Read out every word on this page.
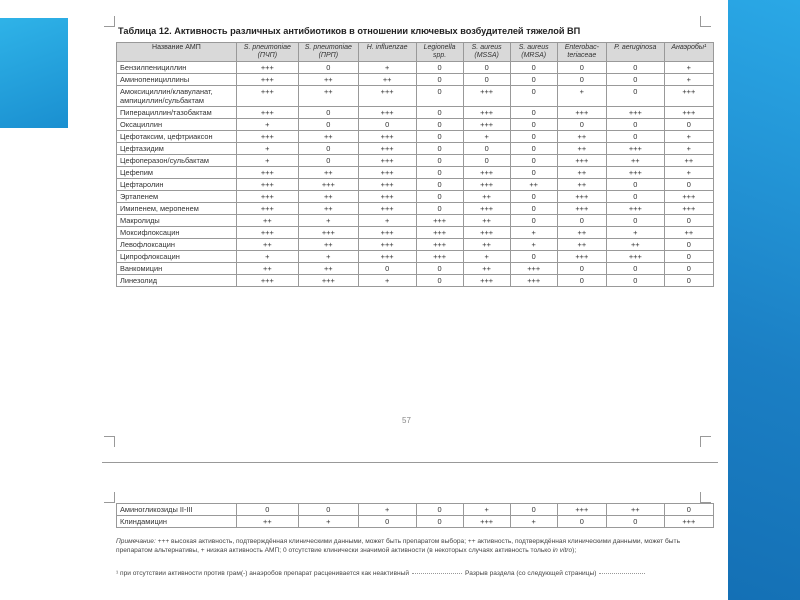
Таблица 12. Активность различных антибиотиков в отношении ключевых возбудителей тяжелой ВП
Название АМП	S. pneumoniae (ПЧП)	S. pneumoniae (ПРП)	H. influenzae	Legionella spp.	S. aureus (MSSA)	S. aureus (MRSA)	Enterobac-teriaceae	P. aeruginosa	Анаэробы¹
Бензилпенициллин	+++	0	+	0	0	0	0	0	+
Аминопенициллины	+++	++	++	0	0	0	0	0	+
Амоксициллин/клавуланат, ампициллин/сульбактам	+++	++	+++	0	+++	0	+	0	+++
Пиперациллин/тазобактам	+++	0	+++	0	+++	0	+++	+++	+++
Оксациллин	+	0	0	0	+++	0	0	0	0
Цефотаксим, цефтриаксон	+++	++	+++	0	+	0	++	0	+
Цефтазидим	+	0	+++	0	0	0	++	+++	+
Цефоперазон/сульбактам	+	0	+++	0	0	0	+++	++	++
Цефепим	+++	++	+++	0	+++	0	++	+++	+
Цефтаролин	+++	+++	+++	0	+++	++	++	0	0
Эртапенем	+++	++	+++	0	++	0	+++	0	+++
Имипенем, меропенем	+++	++	+++	0	+++	0	+++	+++	+++
Макролиды	++	+	+	+++	++	0	0	0	0
Моксифлоксацин	+++	+++	+++	+++	+++	+	++	+	++
Левофлоксацин	++	++	+++	+++	++	+	++	++	0
Ципрофлоксацин	+	+	+++	+++	+	0	+++	+++	0
Ванкомицин	++	++	0	0	++	+++	0	0	0
Линезолид	+++	+++	+	0	+++	+++	0	0	0
57
Аминогликозиды II-III	0	0	+	0	+	0	+++	++	0
Клиндамицин	++	+	0	0	+++	+	0	0	+++
Примечание: +++ высокая активность, подтверждённая клиническими данными, может быть препаратом выбора; ++ активность, подтверждённая клиническими данными, может быть препаратом альтернативы, + низкая активность АМП; 0 отсутствие клинически значимой активности (в некоторых случаях активность только in vitro);
¹ при отсутствии активности против грам(-) анаэробов препарат расценивается как неактивный	Разрыв раздела (со следующей страницы)
